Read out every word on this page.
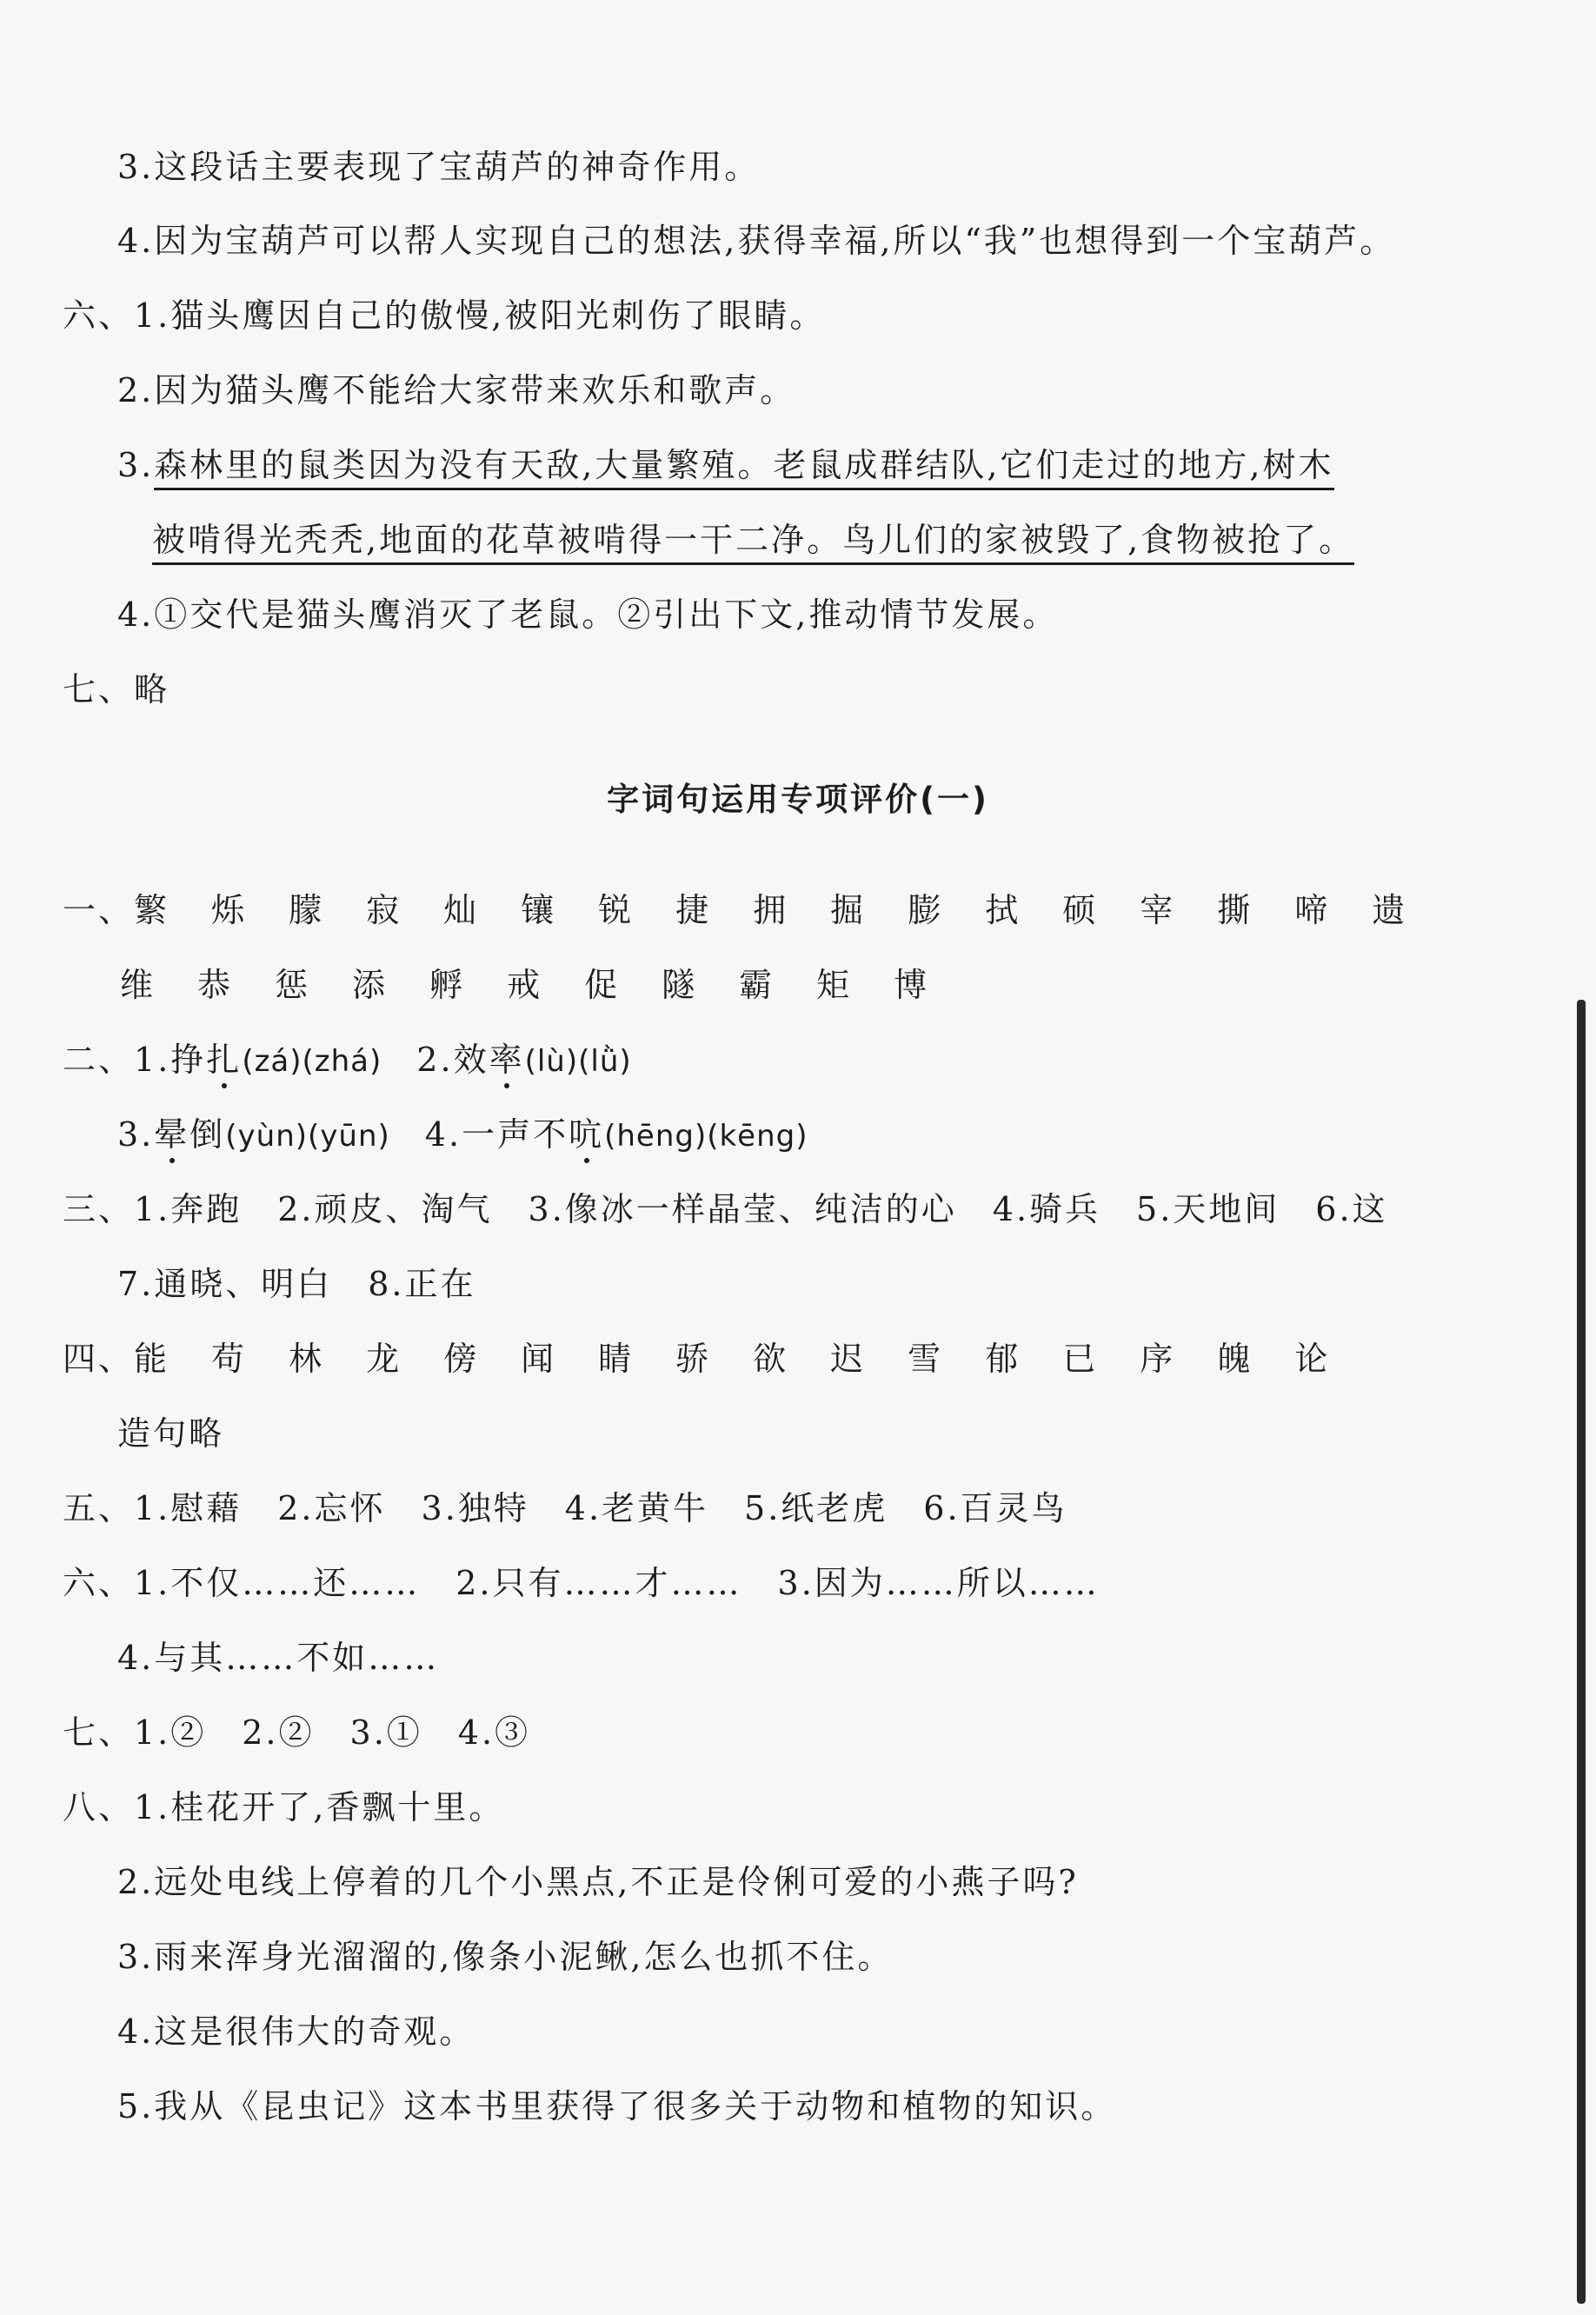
3.这段话主要表现了宝葫芦的神奇作用。
4.因为宝葫芦可以帮人实现自己的想法,获得幸福,所以“我”也想得到一个宝葫芦。
六、1.猫头鹰因自己的傲慢,被阳光刺伤了眼睛。
2.因为猫头鹰不能给大家带来欢乐和歌声。
3.森林里的鼠类因为没有天敌,大量繁殖。老鼠成群结队,它们走过的地方,树木
被啃得光秃秃,地面的花草被啃得一干二净。鸟儿们的家被毁了,食物被抢了。
4.①交代是猫头鹰消灭了老鼠。②引出下文,推动情节发展。
七、略
字词句运用专项评价(一)
一、繁 烁 朦 寂 灿 镶 锐 捷 拥 掘 膨 拭 硕 宰 撕 啼 遗
维 恭 惩 添 孵 戒 促 隧 霸 矩 博
二、1.挣扎(zá)(zhá) 2.效率(lù)(lǜ)
3.晕倒(yùn)(yūn) 4.一声不吭(hēng)(kēng)
三、1.奔跑　2.顽皮、淘气　3.像冰一样晶莹、纯洁的心　4.骑兵　5.天地间　6.这
7.通晓、明白　8.正在
四、能 苟 林 龙 傍 闻 睛 骄 欲 迟 雪 郁 已 序 魄 论
造句略
五、1.慰藉　2.忘怀　3.独特　4.老黄牛　5.纸老虎　6.百灵鸟
六、1.不仅……还……　2.只有……才……　3.因为……所以……
4.与其……不如……
七、1.②　2.②　3.①　4.③
八、1.桂花开了,香飘十里。
2.远处电线上停着的几个小黑点,不正是伶俐可爱的小燕子吗?
3.雨来浑身光溜溜的,像条小泥鳅,怎么也抓不住。
4.这是很伟大的奇观。
5.我从《昆虫记》这本书里获得了很多关于动物和植物的知识。
